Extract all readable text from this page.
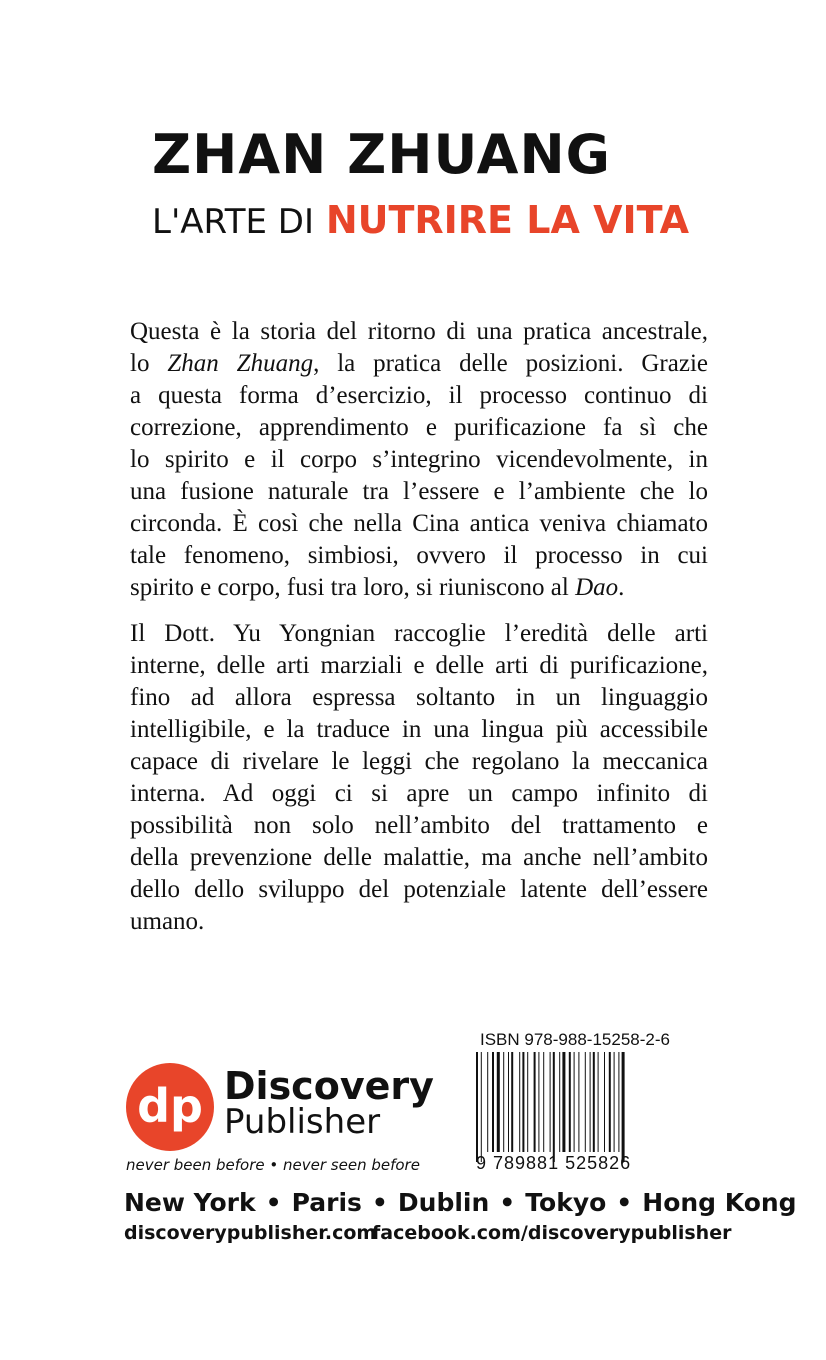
ZHAN ZHUANG
L'ARTE DI NUTRIRE LA VITA
Questa è la storia del ritorno di una pratica ancestrale,
lo Zhan Zhuang, la pratica delle posizioni. Grazie
a questa forma d’esercizio, il processo continuo di
correzione, apprendimento e purificazione fa sì che
lo spirito e il corpo s’integrino vicendevolmente, in
una fusione naturale tra l’essere e l’ambiente che lo
circonda. È così che nella Cina antica veniva chiamato
tale fenomeno, simbiosi, ovvero il processo in cui
spirito e corpo, fusi tra loro, si riuniscono al Dao.
Il Dott. Yu Yongnian raccoglie l’eredità delle arti
interne, delle arti marziali e delle arti di purificazione,
fino ad allora espressa soltanto in un linguaggio
intelligibile, e la traduce in una lingua più accessibile
capace di rivelare le leggi che regolano la meccanica
interna. Ad oggi ci si apre un campo infinito di
possibilità non solo nell’ambito del trattamento e
della prevenzione delle malattie, ma anche nell’ambito
dello dello sviluppo del potenziale latente dell’essere
umano.
ISBN 978-988-15258-2-6
9 789881 525826
dp Discovery
Publisher
never been before • never seen before
New York • Paris • Dublin • Tokyo • Hong Kong
discoverypublisher.com
facebook.com/discoverypublisher
